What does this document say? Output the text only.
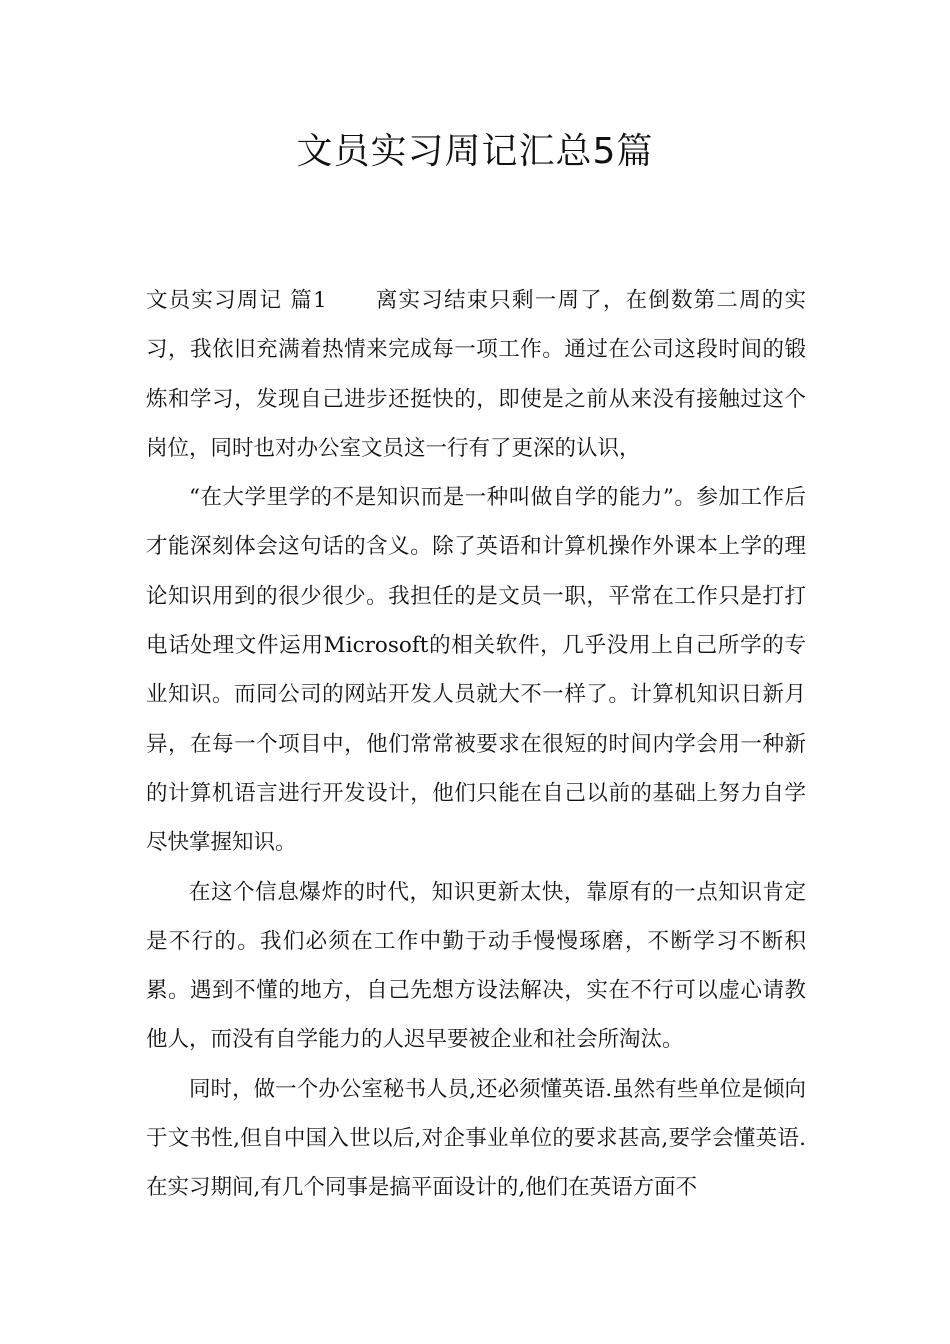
文员实习周记汇总5篇

文员实习周记 篇1 离实习结束只剩一周了，在倒数第二周的实习，我依旧充满着热情来完成每一项工作。通过在公司这段时间的锻炼和学习，发现自己进步还挺快的，即使是之前从来没有接触过这个岗位，同时也对办公室文员这一行有了更深的认识，

“在大学里学的不是知识而是一种叫做自学的能力”。参加工作后才能深刻体会这句话的含义。除了英语和计算机操作外课本上学的理论知识用到的很少很少。我担任的是文员一职，平常在工作只是打打电话处理文件运用Microsoft的相关软件，几乎没用上自己所学的专业知识。而同公司的网站开发人员就大不一样了。计算机知识日新月异，在每一个项目中，他们常常被要求在很短的时间内学会用一种新的计算机语言进行开发设计，他们只能在自己以前的基础上努力自学尽快掌握知识。

在这个信息爆炸的时代，知识更新太快，靠原有的一点知识肯定是不行的。我们必须在工作中勤于动手慢慢琢磨，不断学习不断积累。遇到不懂的地方，自己先想方设法解决，实在不行可以虚心请教他人，而没有自学能力的人迟早要被企业和社会所淘汰。

同时，做一个办公室秘书人员,还必须懂英语.虽然有些单位是倾向于文书性,但自中国入世以后,对企事业单位的要求甚高,要学会懂英语.在实习期间,有几个同事是搞平面设计的,他们在英语方面不
